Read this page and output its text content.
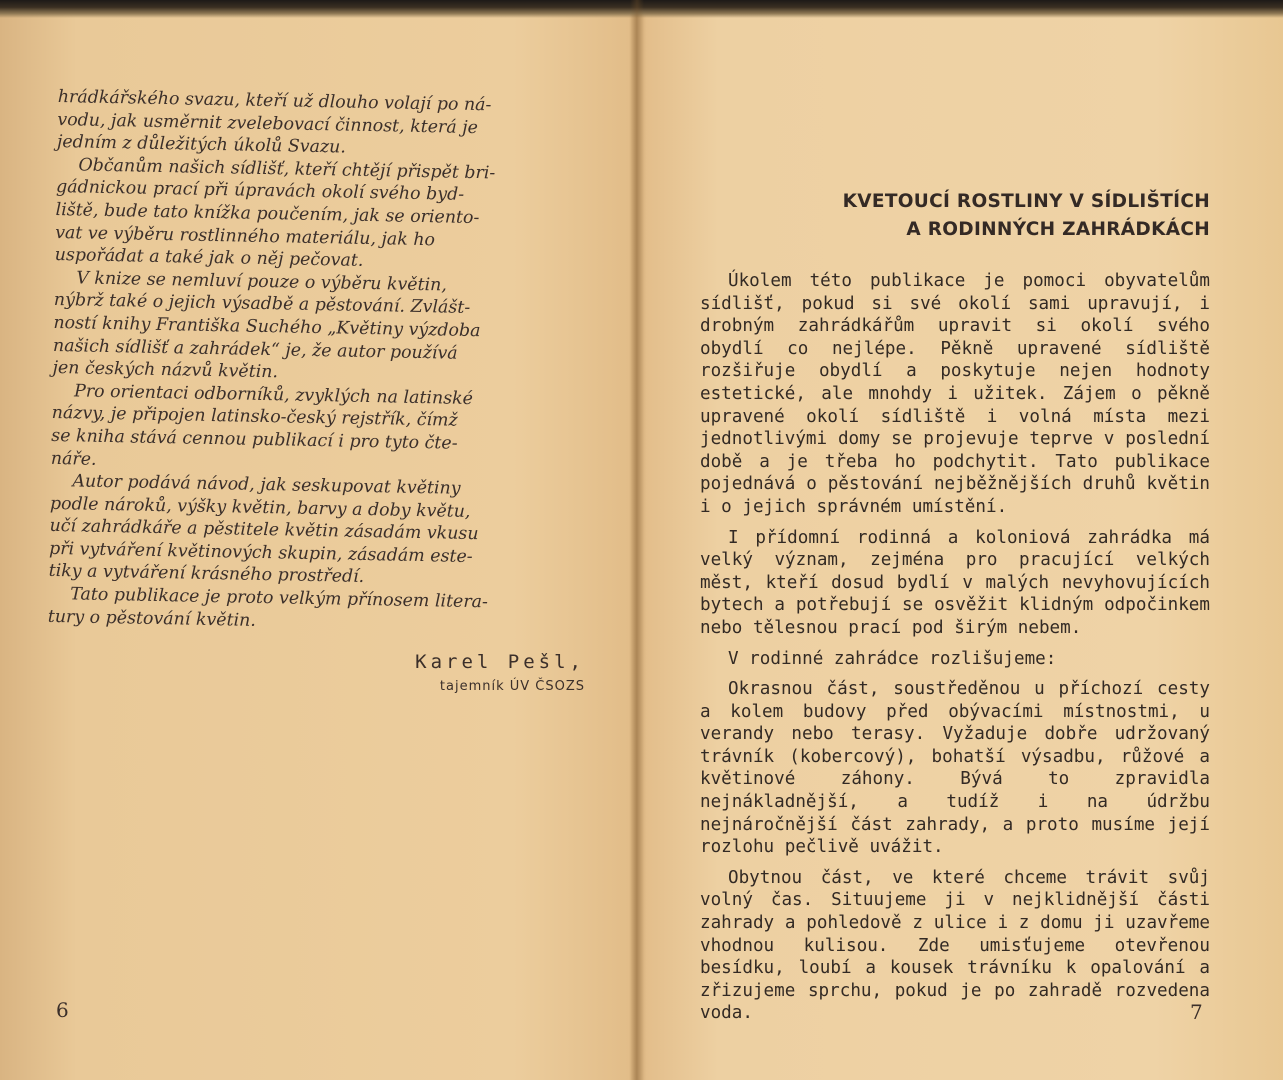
hrádkářského svazu, kteří už dlouho volají po ná-

vodu, jak usměrnit zvelebovací činnost, která je

jedním z důležitých úkolů Svazu.

Občanům našich sídlišť, kteří chtějí přispět bri-

gádnickou prací při úpravách okolí svého byd-

liště, bude tato knížka poučením, jak se oriento-

vat ve výběru rostlinného materiálu, jak ho

uspořádat a také jak o něj pečovat.

V knize se nemluví pouze o výběru květin,

nýbrž také o jejich výsadbě a pěstování. Zvlášt-

ností knihy Františka Suchého „Květiny výzdoba

našich sídlišť a zahrádek“ je, že autor používá

jen českých názvů květin.

Pro orientaci odborníků, zvyklých na latinské

názvy, je připojen latinsko-český rejstřík, čímž

se kniha stává cennou publikací i pro tyto čte-

náře.

Autor podává návod, jak seskupovat květiny

podle nároků, výšky květin, barvy a doby květu,

učí zahrádkáře a pěstitele květin zásadám vkusu

při vytváření květinových skupin, zásadám este-

tiky a vytváření krásného prostředí.

Tato publikace je proto velkým přínosem litera-

tury o pěstování květin.

Karel Pešl,
tajemník ÚV ČSOZS
6
KVETOUCÍ ROSTLINY V SÍDLIŠTÍCH
A RODINNÝCH ZAHRÁDKÁCH

Úkolem této publikace je pomoci obyvatelům sídlišť, pokud si své okolí sami upravují, i drobným zahrádkářům upravit si okolí svého obydlí co nejlépe. Pěkně upravené sídliště rozšiřuje obydlí a poskytuje nejen hodnoty estetické, ale mnohdy i užitek. Zájem o pěkně upravené okolí sídliště i volná místa mezi jednotlivými domy se projevuje teprve v poslední době a je třeba ho podchytit. Tato publikace pojednává o pěstování nejběžnějších druhů květin i o jejich správném umístění.

I přídomní rodinná a koloniová zahrádka má velký význam, zejména pro pracující velkých měst, kteří dosud bydlí v malých nevyhovujících bytech a potřebují se osvěžit klidným odpočinkem nebo tělesnou prací pod širým nebem.

V rodinné zahrádce rozlišujeme:

Okrasnou část, soustředěnou u příchozí cesty a kolem budovy před obývacími místnostmi, u verandy nebo terasy. Vyžaduje dobře udržovaný trávník (kobercový), bohatší výsadbu, růžové a květinové záhony. Bývá to zpravidla nejnákladnější, a tudíž i na údržbu nejnáročnější část zahrady, a proto musíme její rozlohu pečlivě uvážit.

Obytnou část, ve které chceme trávit svůj volný čas. Situujeme ji v nejklidnější části zahrady a pohledově z ulice i z domu ji uzavřeme vhodnou kulisou. Zde umisťujeme otevřenou besídku, loubí a kousek trávníku k opalování a zřizujeme sprchu, pokud je po zahradě rozvedena voda.	7
